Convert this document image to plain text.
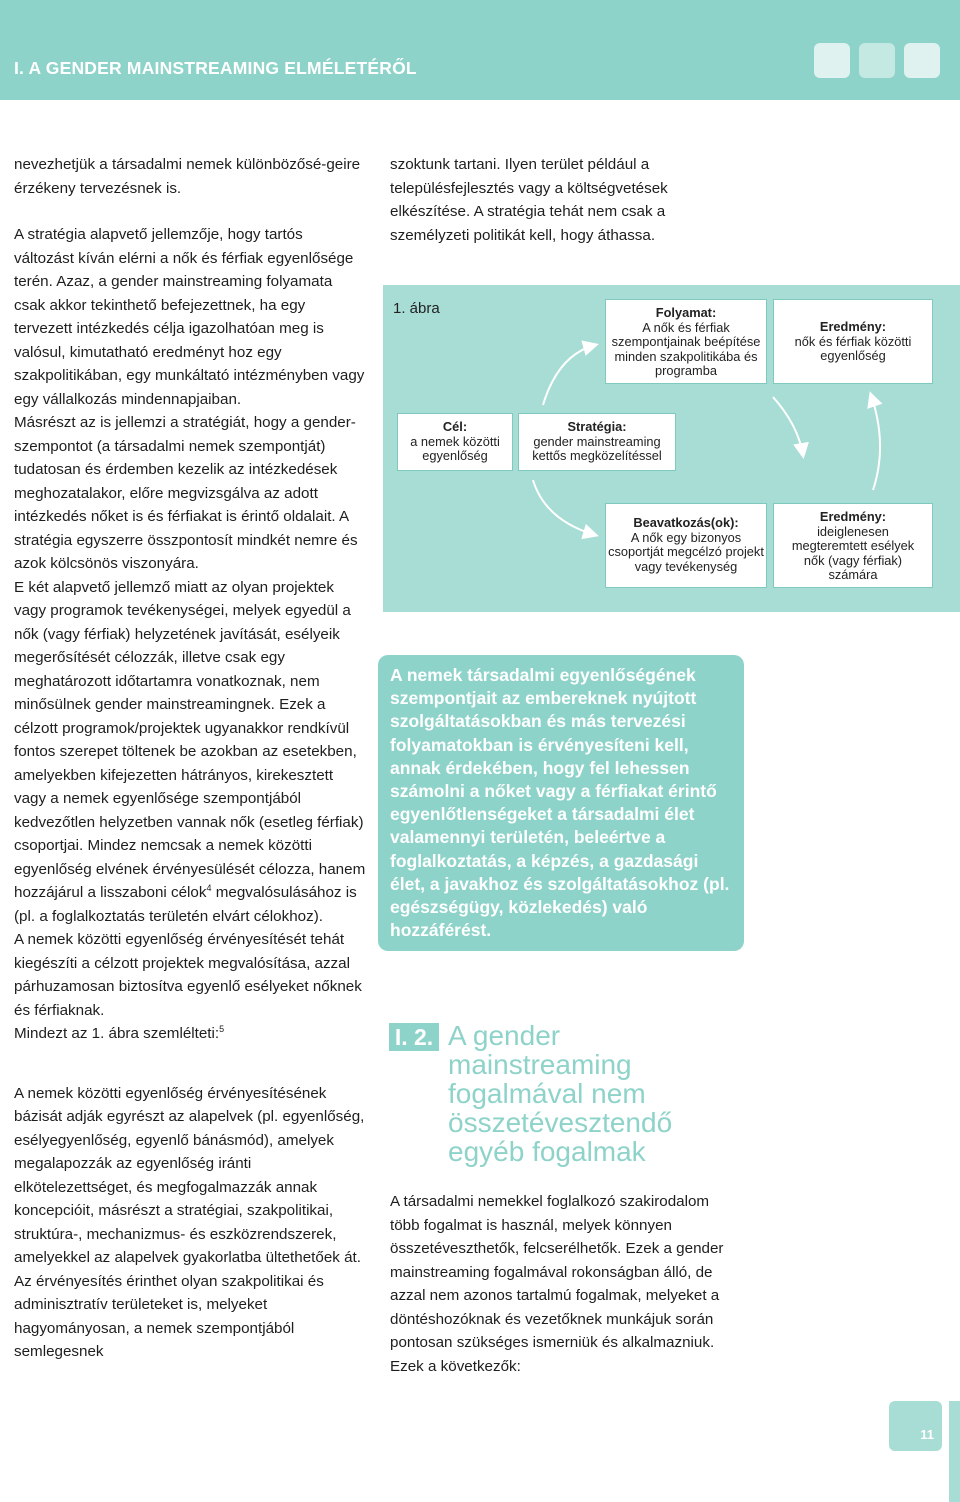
I. A GENDER MAINSTREAMING ELMÉLETÉRŐL

nevezhetjük a társadalmi nemek különbözősé-geire érzékeny tervezésnek is.

A stratégia alapvető jellemzője, hogy tartós változást kíván elérni a nők és férfiak egyenlősége terén. Azaz, a gender mainstreaming folyamata csak akkor tekinthető befejezettnek, ha egy tervezett intézkedés célja igazolhatóan meg is valósul, kimutatható eredményt hoz egy szakpolitikában, egy munkáltató intézményben vagy egy vállalkozás mindennapjaiban.

Másrészt az is jellemzi a stratégiát, hogy a gender-szempontot (a társadalmi nemek szempontját) tudatosan és érdemben kezelik az intézkedések meghozatalakor, előre megvizsgálva az adott intézkedés nőket is és férfiakat is érintő oldalait. A stratégia egyszerre összpontosít mindkét nemre és azok kölcsönös viszonyára.

E két alapvető jellemző miatt az olyan projektek vagy programok tevékenységei, melyek egyedül a nők (vagy férfiak) helyzetének javítását, esélyeik megerősítését célozzák, illetve csak egy meghatározott időtartamra vonatkoznak, nem minősülnek gender mainstreamingnek. Ezek a célzott programok/projektek ugyanakkor rendkívül fontos szerepet töltenek be azokban az esetekben, amelyekben kifejezetten hátrányos, kirekesztett vagy a nemek egyenlősége szempontjából kedvezőtlen helyzetben vannak nők (esetleg férfiak) csoportjai. Mindez nemcsak a nemek közötti egyenlőség elvének érvényesülését célozza, hanem hozzájárul a lisszaboni célok$^4$ megvalósulásához is (pl. a foglalkoztatás területén elvárt célokhoz).

A nemek közötti egyenlőség érvényesítését tehát kiegészíti a célzott projektek megvalósítása, azzal párhuzamosan biztosítva egyenlő esélyeket nőknek és férfiaknak.

Mindezt az 1. ábra szemlélteti:$^5$

A nemek közötti egyenlőség érvényesítésének bázisát adják egyrészt az alapelvek (pl. egyenlőség, esélyegyenlőség, egyenlő bánásmód), amelyek megalapozzák az egyenlőség iránti elkötelezettséget, és megfogalmazzák annak koncepcióit, másrészt a stratégiai, szakpolitikai, struktúra-, mechanizmus- és eszközrendszerek, amelyekkel az alapelvek gyakorlatba ültethetőek át.

Az érvényesítés érinthet olyan szakpolitikai és adminisztratív területeket is, melyeket hagyományosan, a nemek szempontjából semlegesnek

szoktunk tartani. Ilyen terület például a településfejlesztés vagy a költségvetések elkészítése. A stratégia tehát nem csak a személyzeti politikát kell, hogy áthassa.

1. ábra	Folyamat:
A nők és férfiak szempontjainak beépítése minden szakpolitikába és programba
Eredmény:
nők és férfiak közötti egyenlőség
Cél:
a nemek közötti egyenlőség
Stratégia:
gender mainstreaming kettős megközelítéssel
Beavatkozás(ok):
A nők egy bizonyos csoportját megcélzó projekt vagy tevékenység
Eredmény:
ideiglenesen megteremtett esélyek nők (vagy férfiak) számára
A nemek társadalmi egyenlőségének szempontjait az embereknek nyújtott szolgáltatásokban és más tervezési folyamatokban is érvényesíteni kell, annak érdekében, hogy fel lehessen számolni a nőket vagy a férfiakat érintő egyenlőtlenségeket a társadalmi élet valamennyi területén, beleértve a foglalkoztatás, a képzés, a gazdasági élet, a javakhoz és szolgáltatásokhoz (pl. egészségügy, közlekedés) való hozzáférést.
I. 2. A gender mainstreaming fogalmával nem összetévesztendő egyéb fogalmak

A társadalmi nemekkel foglalkozó szakirodalom több fogalmat is használ, melyek könnyen összetéveszthetők, felcserélhetők. Ezek a gender mainstreaming fogalmával rokonságban álló, de azzal nem azonos tartalmú fogalmak, melyeket a döntéshozóknak és vezetőknek munkájuk során pontosan szükséges ismerniük és alkalmazniuk. Ezek a következők:

11
